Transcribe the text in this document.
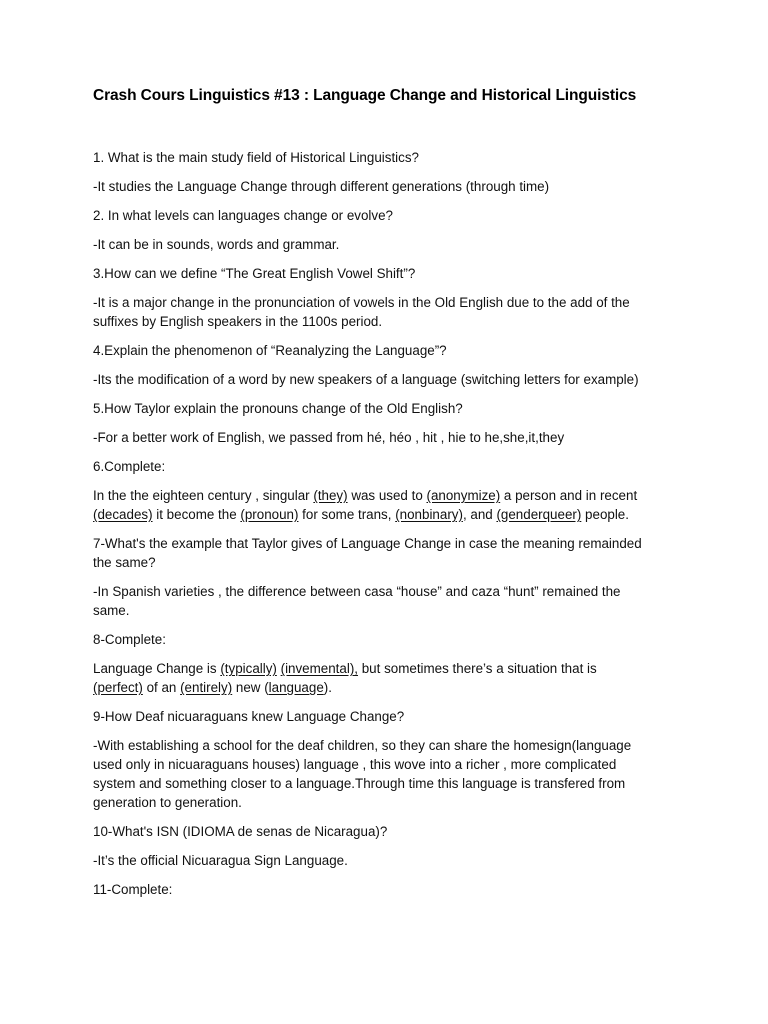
Crash Cours Linguistics #13 : Language Change and Historical Linguistics

1. What is the main study field of Historical Linguistics?

-It studies the Language Change through different generations (through time)

2. In what levels can languages change or evolve?

-It can be in sounds, words and grammar.

3.How can we define “The Great English Vowel Shift”?

-It is a major change in the pronunciation of vowels in the Old English due to the add of the
suffixes by English speakers in the 1100s period.

4.Explain the phenomenon of “Reanalyzing the Language”?

-Its the modification of a word by new speakers of a language (switching letters for example)

5.How Taylor explain the pronouns change of the Old English?

-For a better work of English, we passed from hé, héo , hit , hie to he,she,it,they

6.Complete:

In the the eighteen century , singular (they) was used to (anonymize) a person and in recent
(decades) it become the (pronoun) for some trans, (nonbinary), and (genderqueer) people.

7-What's the example that Taylor gives of Language Change in case the meaning remainded
the same?

-In Spanish varieties , the difference between casa “house” and caza “hunt” remained the
same.

8-Complete:

Language Change is (typically) (invemental), but sometimes there’s a situation that is
(perfect) of an (entirely) new (language).

9-How Deaf nicuaraguans knew Language Change?

-With establishing a school for the deaf children, so they can share the homesign(language
used only in nicuaraguans houses) language , this wove into a richer , more complicated
system and something closer to a language.Through time this language is transfered from
generation to generation.

10-What's ISN (IDIOMA de senas de Nicaragua)?

-It’s the official Nicuaragua Sign Language.

11-Complete:
